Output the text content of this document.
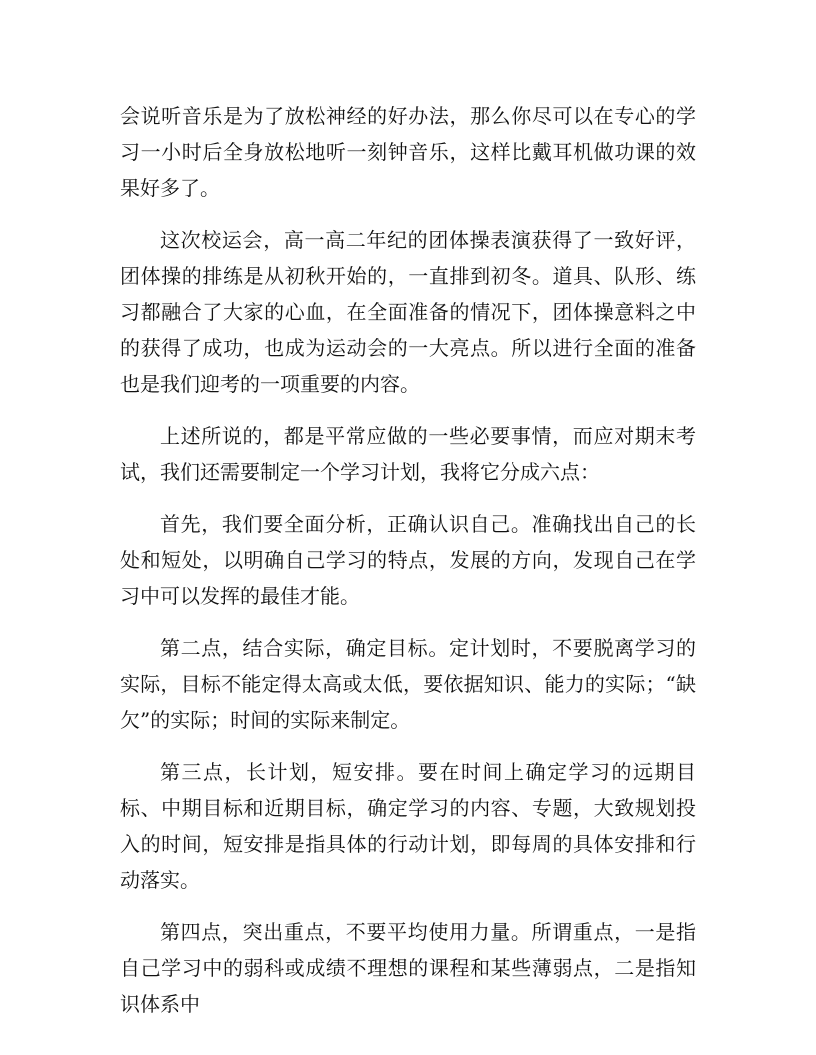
会说听音乐是为了放松神经的好办法，那么你尽可以在专心的学习一小时后全身放松地听一刻钟音乐，这样比戴耳机做功课的效果好多了。

这次校运会，高一高二年纪的团体操表演获得了一致好评，团体操的排练是从初秋开始的，一直排到初冬。道具、队形、练习都融合了大家的心血，在全面准备的情况下，团体操意料之中的获得了成功，也成为运动会的一大亮点。所以进行全面的准备也是我们迎考的一项重要的内容。

上述所说的，都是平常应做的一些必要事情，而应对期末考试，我们还需要制定一个学习计划，我将它分成六点：

首先，我们要全面分析，正确认识自己。准确找出自己的长处和短处，以明确自己学习的特点，发展的方向，发现自己在学习中可以发挥的最佳才能。

第二点，结合实际，确定目标。定计划时，不要脱离学习的实际，目标不能定得太高或太低，要依据知识、能力的实际；“缺欠”的实际；时间的实际来制定。

第三点，长计划，短安排。要在时间上确定学习的远期目标、中期目标和近期目标，确定学习的内容、专题，大致规划投入的时间，短安排是指具体的行动计划，即每周的具体安排和行动落实。

第四点，突出重点，不要平均使用力量。所谓重点，一是指自己学习中的弱科或成绩不理想的课程和某些薄弱点，二是指知识体系中
